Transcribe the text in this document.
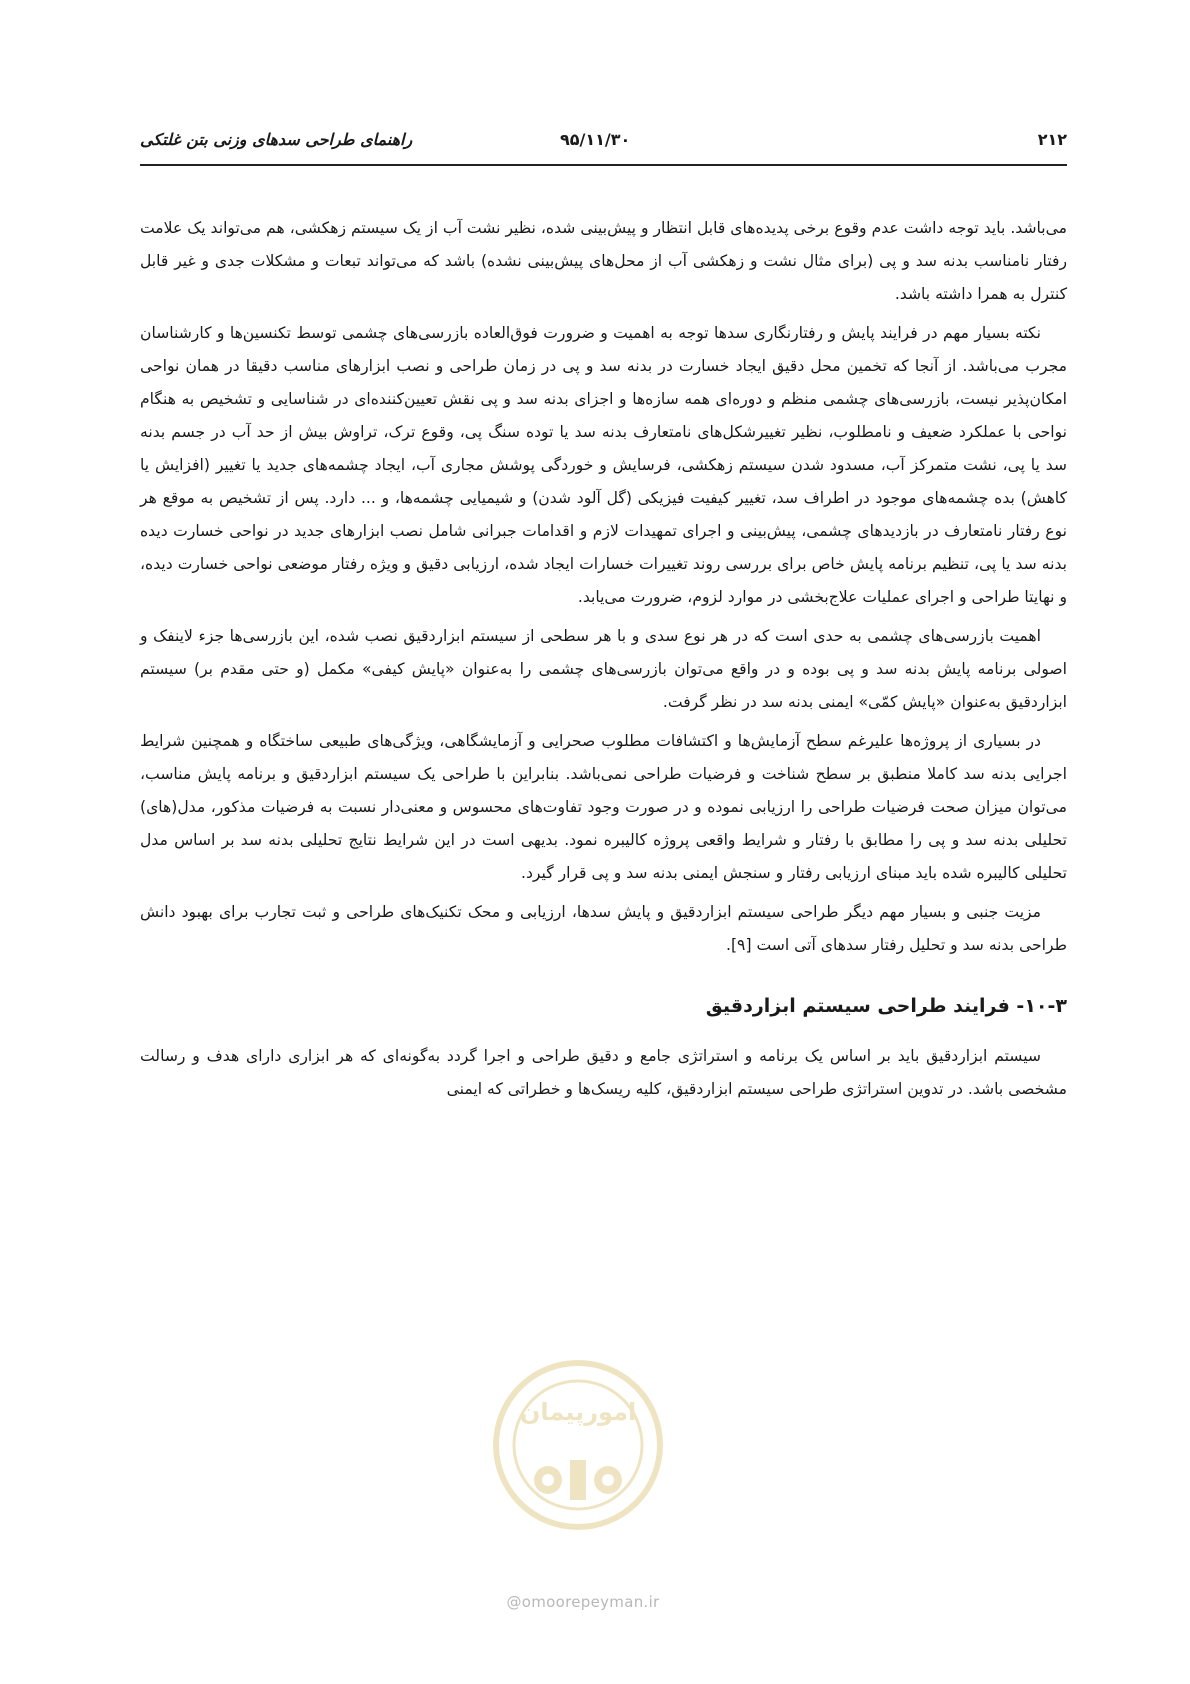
۲۱۲
۹۵/۱۱/۳۰
راهنمای طراحی سدهای وزنی بتن غلتکی

می‌باشد. باید توجه داشت عدم وقوع برخی پدیده‌های قابل انتظار و پیش‌بینی شده، نظیر نشت آب از یک سیستم زهکشی، هم می‌تواند یک علامت رفتار نامناسب بدنه سد و پی (برای مثال نشت و زهکشی آب از محل‌های پیش‌بینی نشده) باشد که می‌تواند تبعات و مشکلات جدی و غیر قابل کنترل به همرا داشته باشد.

نکته بسیار مهم در فرایند پایش و رفتارنگاری سدها توجه به اهمیت و ضرورت فوق‌العاده بازرسی‌های چشمی توسط تکنسین‌ها و کارشناسان مجرب می‌باشد. از آنجا که تخمین محل دقیق ایجاد خسارت در بدنه سد و پی در زمان طراحی و نصب ابزارهای مناسب دقیقا در همان نواحی امکان‌پذیر نیست، بازرسی‌های چشمی منظم و دوره‌ای همه سازه‌ها و اجزای بدنه سد و پی نقش تعیین‌کننده‌ای در شناسایی و تشخیص به هنگام نواحی با عملکرد ضعیف و نامطلوب، نظیر تغییرشکل‌های نامتعارف بدنه سد یا توده سنگ پی، وقوع ترک، تراوش بیش از حد آب در جسم بدنه سد یا پی، نشت متمرکز آب، مسدود شدن سیستم زهکشی، فرسایش و خوردگی پوشش مجاری آب، ایجاد چشمه‌های جدید یا تغییر (افزایش یا کاهش) بده چشمه‌های موجود در اطراف سد، تغییر کیفیت فیزیکی (گل آلود شدن) و شیمیایی چشمه‌ها، و ... دارد. پس از تشخیص به موقع هر نوع رفتار نامتعارف در بازدیدهای چشمی، پیش‌بینی و اجرای تمهیدات لازم و اقدامات جبرانی شامل نصب ابزارهای جدید در نواحی خسارت دیده بدنه سد یا پی، تنظیم برنامه پایش خاص برای بررسی روند تغییرات خسارات ایجاد شده، ارزیابی دقیق و ویژه رفتار موضعی نواحی خسارت دیده، و نهایتا طراحی و اجرای عملیات علاج‌بخشی در موارد لزوم، ضرورت می‌یابد.

اهمیت بازرسی‌های چشمی به حدی است که در هر نوع سدی و با هر سطحی از سیستم ابزاردقیق نصب شده، این بازرسی‌ها جزء لاینفک و اصولی برنامه پایش بدنه سد و پی بوده و در واقع می‌توان بازرسی‌های چشمی را به‌عنوان «پایش کیفی» مکمل (و حتی مقدم بر) سیستم ابزاردقیق به‌عنوان «پایش کمّی» ایمنی بدنه سد در نظر گرفت.

در بسیاری از پروژه‌ها علیرغم سطح آزمایش‌ها و اکتشافات مطلوب صحرایی و آزمایشگاهی، ویژگی‌های طبیعی ساختگاه و همچنین شرایط اجرایی بدنه سد کاملا منطبق بر سطح شناخت و فرضیات طراحی نمی‌باشد. بنابراین با طراحی یک سیستم ابزاردقیق و برنامه پایش مناسب، می‌توان میزان صحت فرضیات طراحی را ارزیابی نموده و در صورت وجود تفاوت‌های محسوس و معنی‌دار نسبت به فرضیات مذکور، مدل(های) تحلیلی بدنه سد و پی را مطابق با رفتار و شرایط واقعی پروژه کالیبره نمود. بدیهی است در این شرایط نتایج تحلیلی بدنه سد بر اساس مدل تحلیلی کالیبره شده باید مبنای ارزیابی رفتار و سنجش ایمنی بدنه سد و پی قرار گیرد.

مزیت جنبی و بسیار مهم دیگر طراحی سیستم ابزاردقیق و پایش سدها، ارزیابی و محک تکنیک‌های طراحی و ثبت تجارب برای بهبود دانش طراحی بدنه سد و تحلیل رفتار سدهای آتی است [۹].

۱۰-۳- فرایند طراحی سیستم ابزاردقیق

سیستم ابزاردقیق باید بر اساس یک برنامه و استراتژی جامع و دقیق طراحی و اجرا گردد به‌گونه‌ای که هر ابزاری دارای هدف و رسالت مشخصی باشد. در تدوین استراتژی طراحی سیستم ابزاردقیق، کلیه ریسک‌ها و خطراتی که ایمنی

امورپیمان
@omoorepeyman.ir
